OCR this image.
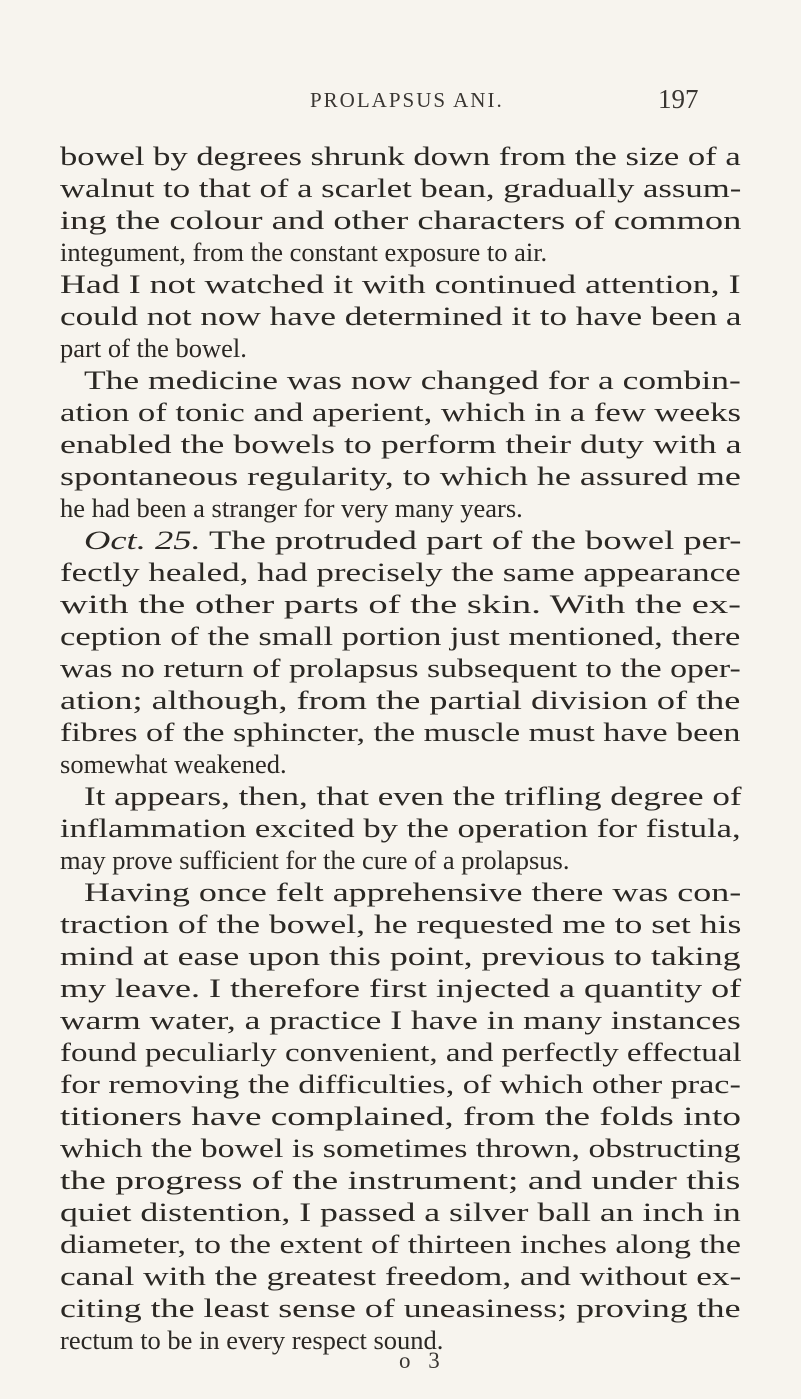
PROLAPSUS ANI.	197
bowel by degrees shrunk down from the size of a
walnut to that of a scarlet bean, gradually assum-
ing the colour and other characters of common
integument, from the constant exposure to air.
Had I not watched it with continued attention, I
could not now have determined it to have been a
part of the bowel.
The medicine was now changed for a combin-
ation of tonic and aperient, which in a few weeks
enabled the bowels to perform their duty with a
spontaneous regularity, to which he assured me
he had been a stranger for very many years.
Oct. 25. The protruded part of the bowel per-
fectly healed, had precisely the same appearance
with the other parts of the skin. With the ex-
ception of the small portion just mentioned, there
was no return of prolapsus subsequent to the oper-
ation; although, from the partial division of the
fibres of the sphincter, the muscle must have been
somewhat weakened.
It appears, then, that even the trifling degree of
inflammation excited by the operation for fistula,
may prove sufficient for the cure of a prolapsus.
Having once felt apprehensive there was con-
traction of the bowel, he requested me to set his
mind at ease upon this point, previous to taking
my leave. I therefore first injected a quantity of
warm water, a practice I have in many instances
found peculiarly convenient, and perfectly effectual
for removing the difficulties, of which other prac-
titioners have complained, from the folds into
which the bowel is sometimes thrown, obstructing
the progress of the instrument; and under this
quiet distention, I passed a silver ball an inch in
diameter, to the extent of thirteen inches along the
canal with the greatest freedom, and without ex-
citing the least sense of uneasiness; proving the
rectum to be in every respect sound.
o 3
